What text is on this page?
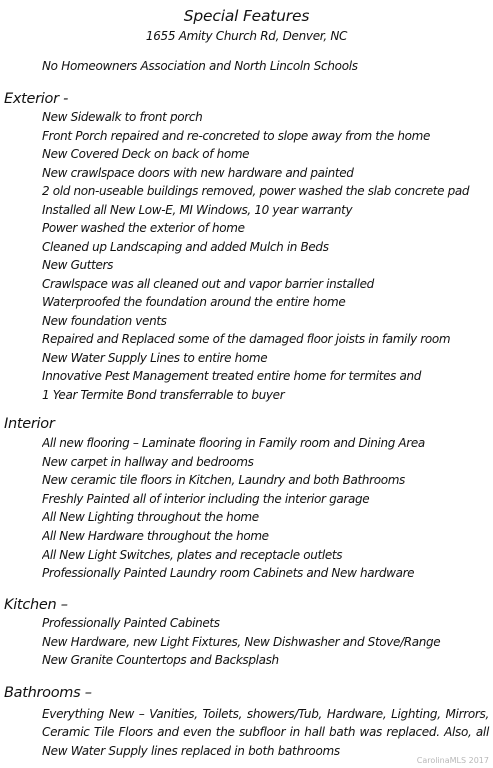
Special Features
1655 Amity Church Rd, Denver, NC
No Homeowners Association and North Lincoln Schools
Exterior -
New Sidewalk to front porch
Front Porch repaired and re-concreted to slope away from the home
New Covered Deck on back of home
New crawlspace doors with new hardware and painted
2 old non-useable buildings removed, power washed the slab concrete pad
Installed all New Low-E, MI Windows, 10 year warranty
Power washed the exterior of home
Cleaned up Landscaping and added Mulch in Beds
New Gutters
Crawlspace was all cleaned out and vapor barrier installed
Waterproofed the foundation around the entire home
New foundation vents
Repaired and Replaced some of the damaged floor joists in family room
New Water Supply Lines to entire home
Innovative Pest Management treated entire home for termites and
1 Year Termite Bond transferrable to buyer
Interior
All new flooring – Laminate flooring in Family room and Dining Area
New carpet in hallway and bedrooms
New ceramic tile floors in Kitchen, Laundry and both Bathrooms
Freshly Painted all of interior including the interior garage
All New Lighting throughout the home
All New Hardware throughout the home
All New Light Switches, plates and receptacle outlets
Professionally Painted Laundry room Cabinets and New hardware
Kitchen –
Professionally Painted Cabinets
New Hardware, new Light Fixtures, New Dishwasher and Stove/Range
New Granite Countertops and Backsplash
Bathrooms –

Everything New – Vanities, Toilets, showers/Tub, Hardware, Lighting, Mirrors, Ceramic Tile Floors and even the subfloor in hall bath was replaced. Also, all New Water Supply lines replaced in both bathrooms

CarolinaMLS 2017
